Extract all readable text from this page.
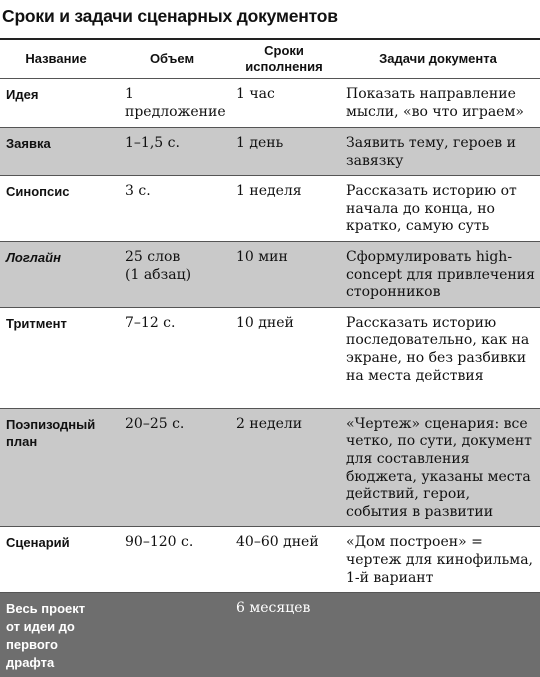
Сроки и задачи сценарных документов
Название	Объем	Сроки исполнения	Задачи документа
Идея	1 предложение	1 час	Показать направление мысли, «во что играем»
Заявка	1–1,5 с.	1 день	Заявить тему, героев и завязку
Синопсис	3 с.	1 неделя	Рассказать историю от начала до конца, но кратко, самую суть
Логлайн	25 слов (1 абзац)	10 мин	Сформулировать high-concept для привлечения сторонников
Тритмент	7–12 с.	10 дней	Рассказать историю последовательно, как на экране, но без разбивки на места действия
Поэпизодный план	20–25 с.	2 недели	«Чертеж» сценария: все четко, по сути, документ для составления бюджета, указаны места действий, герои, события в развитии
Сценарий	90–120 с.	40–60 дней	«Дом построен» = чертеж для кинофильма, 1-й вариант
Весь проект от идеи до первого драфта		6 месяцев	
